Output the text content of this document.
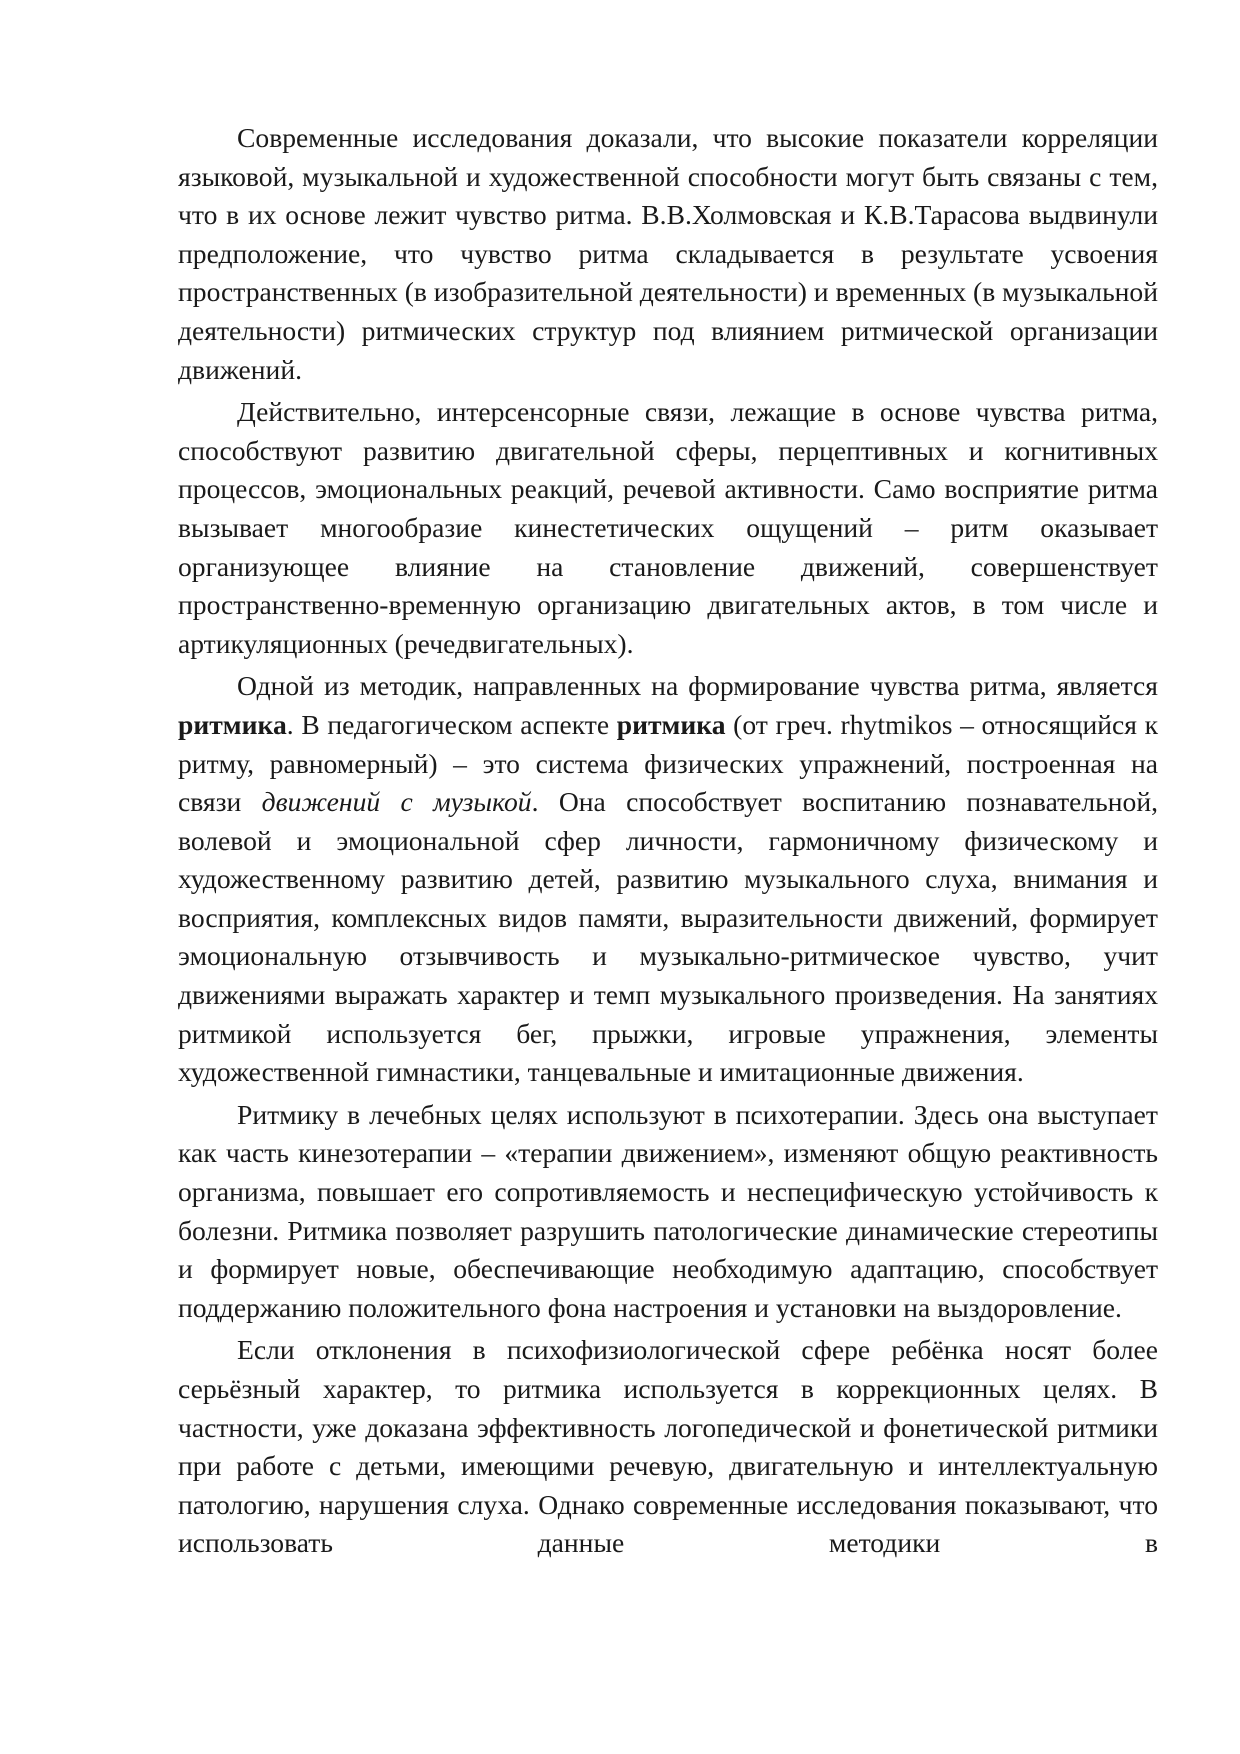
Современные исследования доказали, что высокие показатели корреляции языковой, музыкальной и художественной способности могут быть связаны с тем, что в их основе лежит чувство ритма. В.В.Холмовская и К.В.Тарасова выдвинули предположение, что чувство ритма складывается в результате усвоения пространственных (в изобразительной деятельности) и временных (в музыкальной деятельности) ритмических структур под влиянием ритмической организации движений.

Действительно, интерсенсорные связи, лежащие в основе чувства ритма, способствуют развитию двигательной сферы, перцептивных и когнитивных процессов, эмоциональных реакций, речевой активности. Само восприятие ритма вызывает многообразие кинестетических ощущений – ритм оказывает организующее влияние на становление движений, совершенствует пространственно-временную организацию двигательных актов, в том числе и артикуляционных (речедвигательных).

Одной из методик, направленных на формирование чувства ритма, является ритмика. В педагогическом аспекте ритмика (от греч. rhytmikos – относящийся к ритму, равномерный) – это система физических упражнений, построенная на связи движений с музыкой. Она способствует воспитанию познавательной, волевой и эмоциональной сфер личности, гармоничному физическому и художественному развитию детей, развитию музыкального слуха, внимания и восприятия, комплексных видов памяти, выразительности движений, формирует эмоциональную отзывчивость и музыкально-ритмическое чувство, учит движениями выражать характер и темп музыкального произведения. На занятиях ритмикой используется бег, прыжки, игровые упражнения, элементы художественной гимнастики, танцевальные и имитационные движения.

Ритмику в лечебных целях используют в психотерапии. Здесь она выступает как часть кинезотерапии – «терапии движением», изменяют общую реактивность организма, повышает его сопротивляемость и неспецифическую устойчивость к болезни. Ритмика позволяет разрушить патологические динамические стереотипы и формирует новые, обеспечивающие необходимую адаптацию, способствует поддержанию положительного фона настроения и установки на выздоровление.

Если отклонения в психофизиологической сфере ребёнка носят более серьёзный характер, то ритмика используется в коррекционных целях. В частности, уже доказана эффективность логопедической и фонетической ритмики при работе с детьми, имеющими речевую, двигательную и интеллектуальную патологию, нарушения слуха. Однако современные исследования показывают, что использовать данные методики в
